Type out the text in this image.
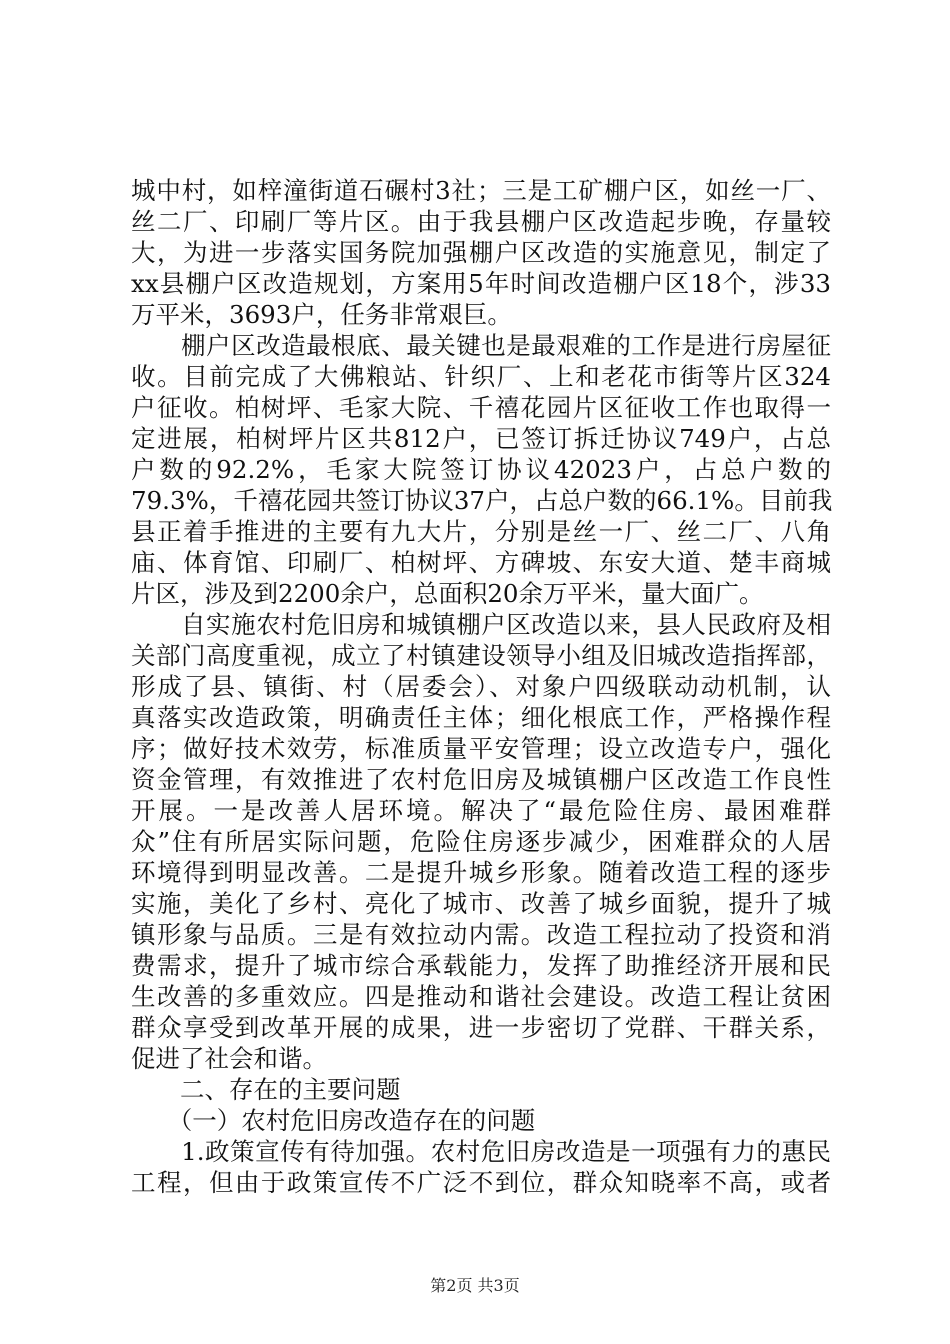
城中村，如梓潼街道石碾村3社；三是工矿棚户区，如丝一厂、
丝二厂、印刷厂等片区。由于我县棚户区改造起步晚，存量较
大，为进一步落实国务院加强棚户区改造的实施意见，制定了
xx县棚户区改造规划，方案用5年时间改造棚户区18个，涉33
万平米，3693户，任务非常艰巨。
　　棚户区改造最根底、最关键也是最艰难的工作是进行房屋征
收。目前完成了大佛粮站、针织厂、上和老花市街等片区324
户征收。柏树坪、毛家大院、千禧花园片区征收工作也取得一
定进展，柏树坪片区共812户，已签订拆迁协议749户，占总
户数的92.2%，毛家大院签订协议42023户，占总户数的
79.3%，千禧花园共签订协议37户，占总户数的66.1%。目前我
县正着手推进的主要有九大片，分别是丝一厂、丝二厂、八角
庙、体育馆、印刷厂、柏树坪、方碑坡、东安大道、楚丰商城
片区，涉及到2200余户，总面积20余万平米，量大面广。
　　自实施农村危旧房和城镇棚户区改造以来，县人民政府及相
关部门高度重视，成立了村镇建设领导小组及旧城改造指挥部，
形成了县、镇街、村（居委会）、对象户四级联动动机制，认
真落实改造政策，明确责任主体；细化根底工作，严格操作程
序；做好技术效劳，标准质量平安管理；设立改造专户，强化
资金管理，有效推进了农村危旧房及城镇棚户区改造工作良性
开展。一是改善人居环境。解决了“最危险住房、最困难群
众”住有所居实际问题，危险住房逐步减少，困难群众的人居
环境得到明显改善。二是提升城乡形象。随着改造工程的逐步
实施，美化了乡村、亮化了城市、改善了城乡面貌，提升了城
镇形象与品质。三是有效拉动内需。改造工程拉动了投资和消
费需求，提升了城市综合承载能力，发挥了助推经济开展和民
生改善的多重效应。四是推动和谐社会建设。改造工程让贫困
群众享受到改革开展的成果，进一步密切了党群、干群关系，
促进了社会和谐。
　　二、存在的主要问题
　　（一）农村危旧房改造存在的问题
　　1.政策宣传有待加强。农村危旧房改造是一项强有力的惠民
工程，但由于政策宣传不广泛不到位，群众知晓率不高，或者
第2页 共3页
